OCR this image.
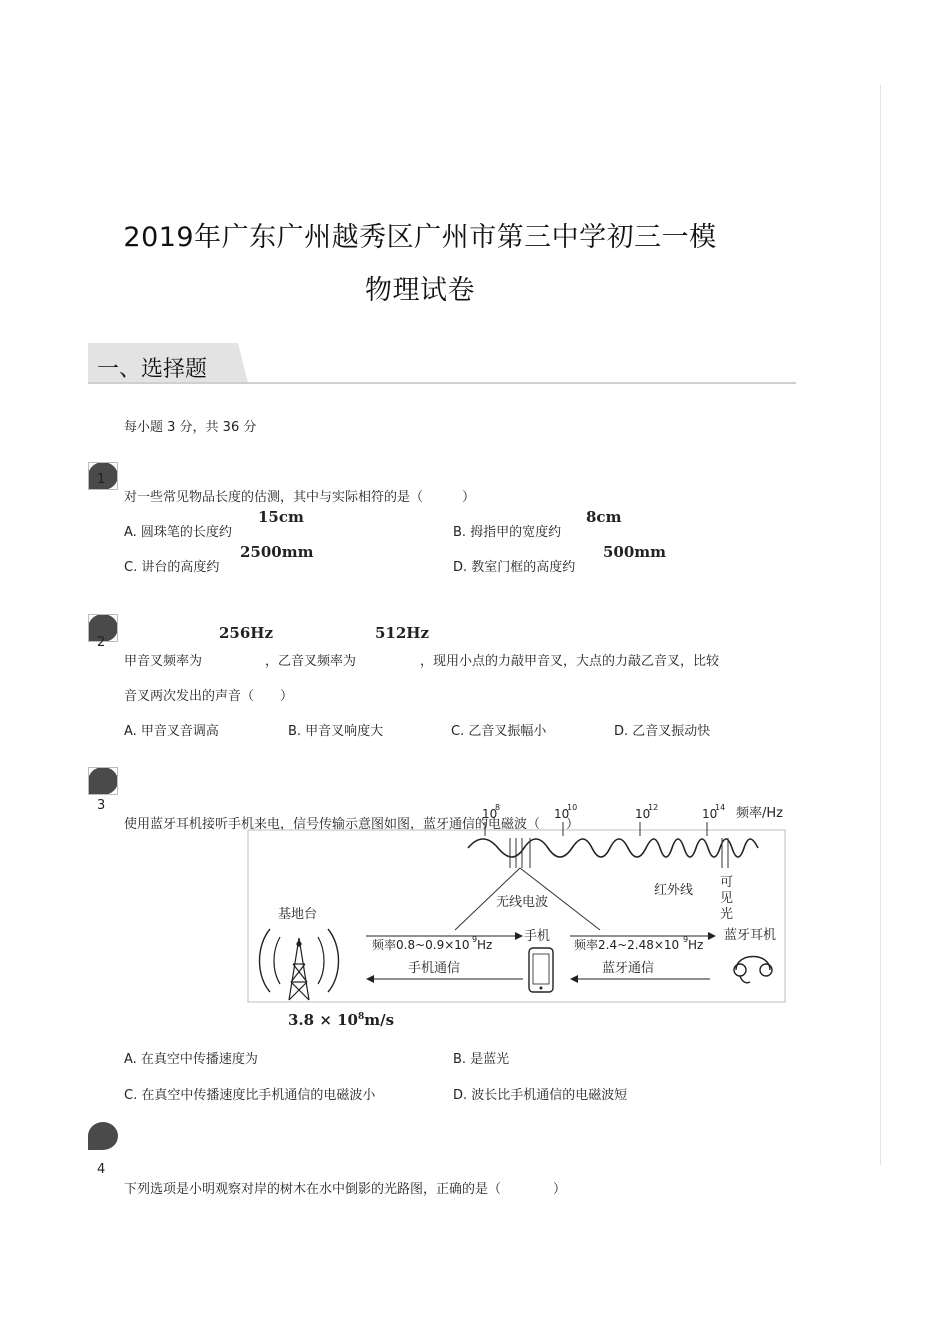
2019年广东广州越秀区广州市第三中学初三一模
物理试卷
一、选择题
每小题 3 分，共 36 分
1
对一些常见物品长度的估测，其中与实际相符的是（　　　）
A. 圆珠笔的长度约
15cm
B. 拇指甲的宽度约
8cm
C. 讲台的高度约
2500mm
D. 教室门框的高度约
500mm
2
256Hz	512Hz
甲音叉频率为	，乙音叉频率为	，现用小点的力敲甲音叉，大点的力敲乙音叉，比较
音叉两次发出的声音（　　）
A. 甲音叉音调高	B. 甲音叉响度大	C. 乙音叉振幅小	D. 乙音叉振动快
3
使用蓝牙耳机接听手机来电，信号传输示意图如图，蓝牙通信的电磁波（　　）
10
8	10
10	10
12	10
14 频率/Hz
红外线
可
见
光
无线电波
基地台
频率0.8~0.9×10 9 Hz
手机通信
手机
频率2.4~2.48×10 9 Hz
蓝牙通信
蓝牙耳机
$3.8 \times 10^8m/s$
A. 在真空中传播速度为	B. 是蓝光
C. 在真空中传播速度比手机通信的电磁波小	D. 波长比手机通信的电磁波短
4
下列选项是小明观察对岸的树木在水中倒影的光路图，正确的是（　　　　）
